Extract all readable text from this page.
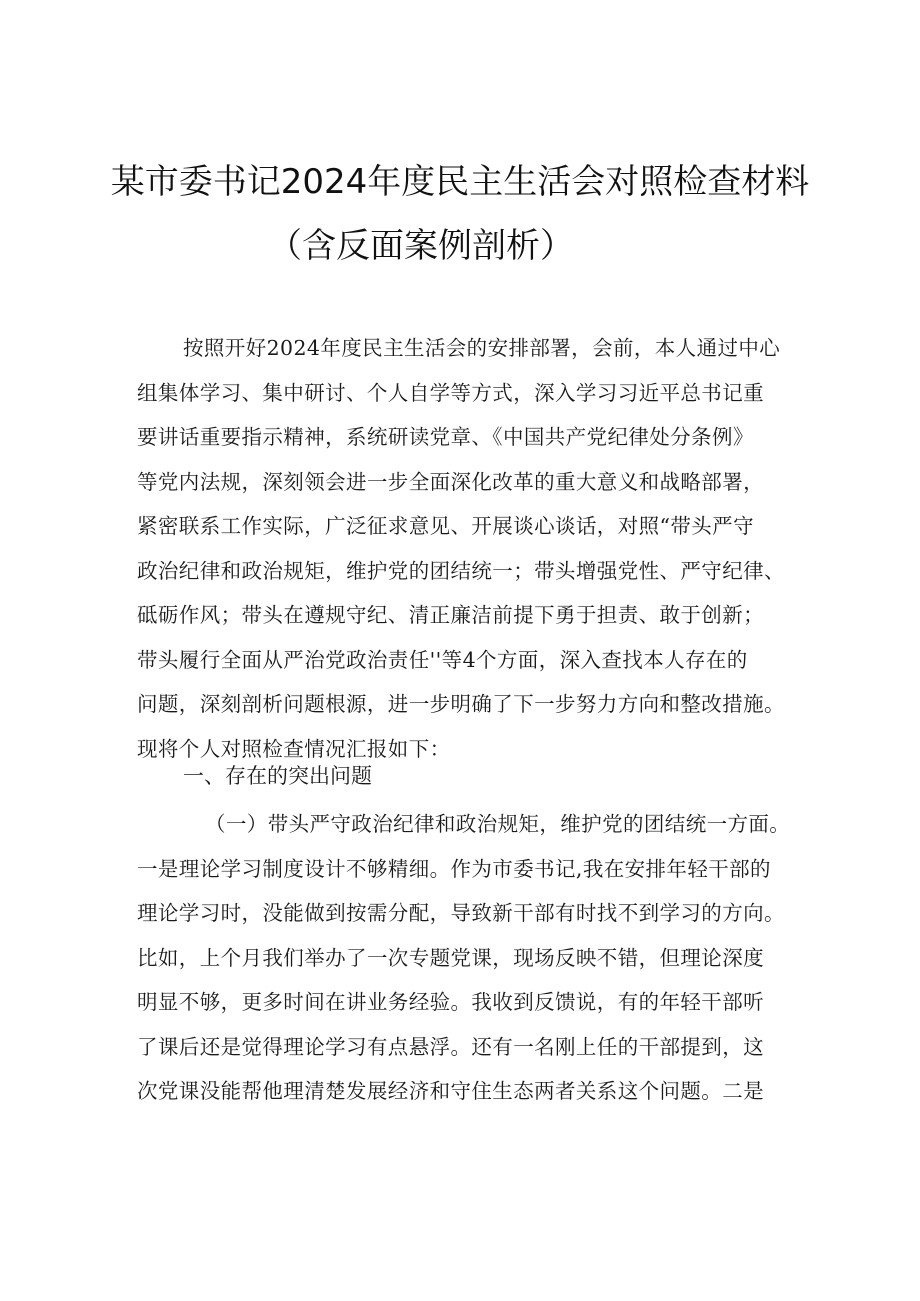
某市委书记2024年度民主生活会对照检查材料
（含反面案例剖析）
按照开好2024年度民主生活会的安排部署，会前，本人通过中心
组集体学习、集中研讨、个人自学等方式，深入学习习近平总书记重
要讲话重要指示精神，系统研读党章、《中国共产党纪律处分条例》
等党内法规，深刻领会进一步全面深化改革的重大意义和战略部署，
紧密联系工作实际，广泛征求意见、开展谈心谈话，对照“带头严守
政治纪律和政治规矩，维护党的团结统一；带头增强党性、严守纪律、
砥砺作风；带头在遵规守纪、清正廉洁前提下勇于担责、敢于创新；
带头履行全面从严治党政治责任''等4个方面，深入查找本人存在的
问题，深刻剖析问题根源，进一步明确了下一步努力方向和整改措施。
现将个人对照检查情况汇报如下：
一、存在的突出问题
（一）带头严守政治纪律和政治规矩，维护党的团结统一方面。
一是理论学习制度设计不够精细。作为市委书记,我在安排年轻干部的
理论学习时，没能做到按需分配，导致新干部有时找不到学习的方向。
比如，上个月我们举办了一次专题党课，现场反映不错，但理论深度
明显不够，更多时间在讲业务经验。我收到反馈说，有的年轻干部听
了课后还是觉得理论学习有点悬浮。还有一名刚上任的干部提到，这
次党课没能帮他理清楚发展经济和守住生态两者关系这个问题。二是
